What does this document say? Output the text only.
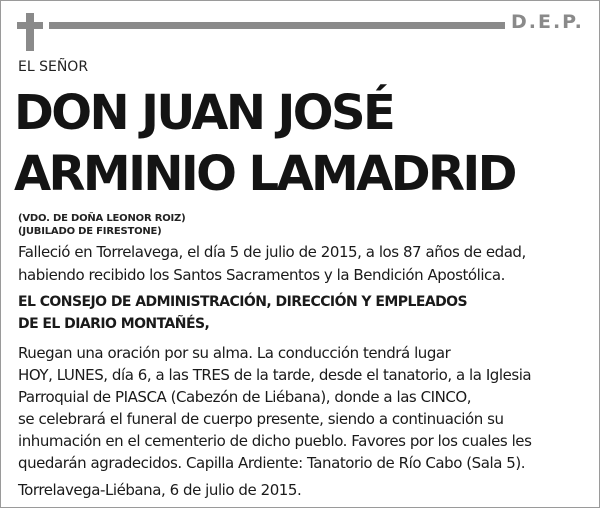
D.E.P.
EL SEÑOR
DON JUAN JOSÉ
ARMINIO LAMADRID
(VDO. DE DOÑA LEONOR ROIZ)
(JUBILADO DE FIRESTONE)
Falleció en Torrelavega, el día 5 de julio de 2015, a los 87 años de edad,
habiendo recibido los Santos Sacramentos y la Bendición Apostólica.
EL CONSEJO DE ADMINISTRACIÓN, DIRECCIÓN Y EMPLEADOS
DE EL DIARIO MONTAÑÉS,
Ruegan una oración por su alma. La conducción tendrá lugar
HOY, LUNES, día 6, a las TRES de la tarde, desde el tanatorio, a la Iglesia
Parroquial de PIASCA (Cabezón de Liébana), donde a las CINCO,
se celebrará el funeral de cuerpo presente, siendo a continuación su
inhumación en el cementerio de dicho pueblo. Favores por los cuales les
quedarán agradecidos. Capilla Ardiente: Tanatorio de Río Cabo (Sala 5).
Torrelavega-Liébana, 6 de julio de 2015.
